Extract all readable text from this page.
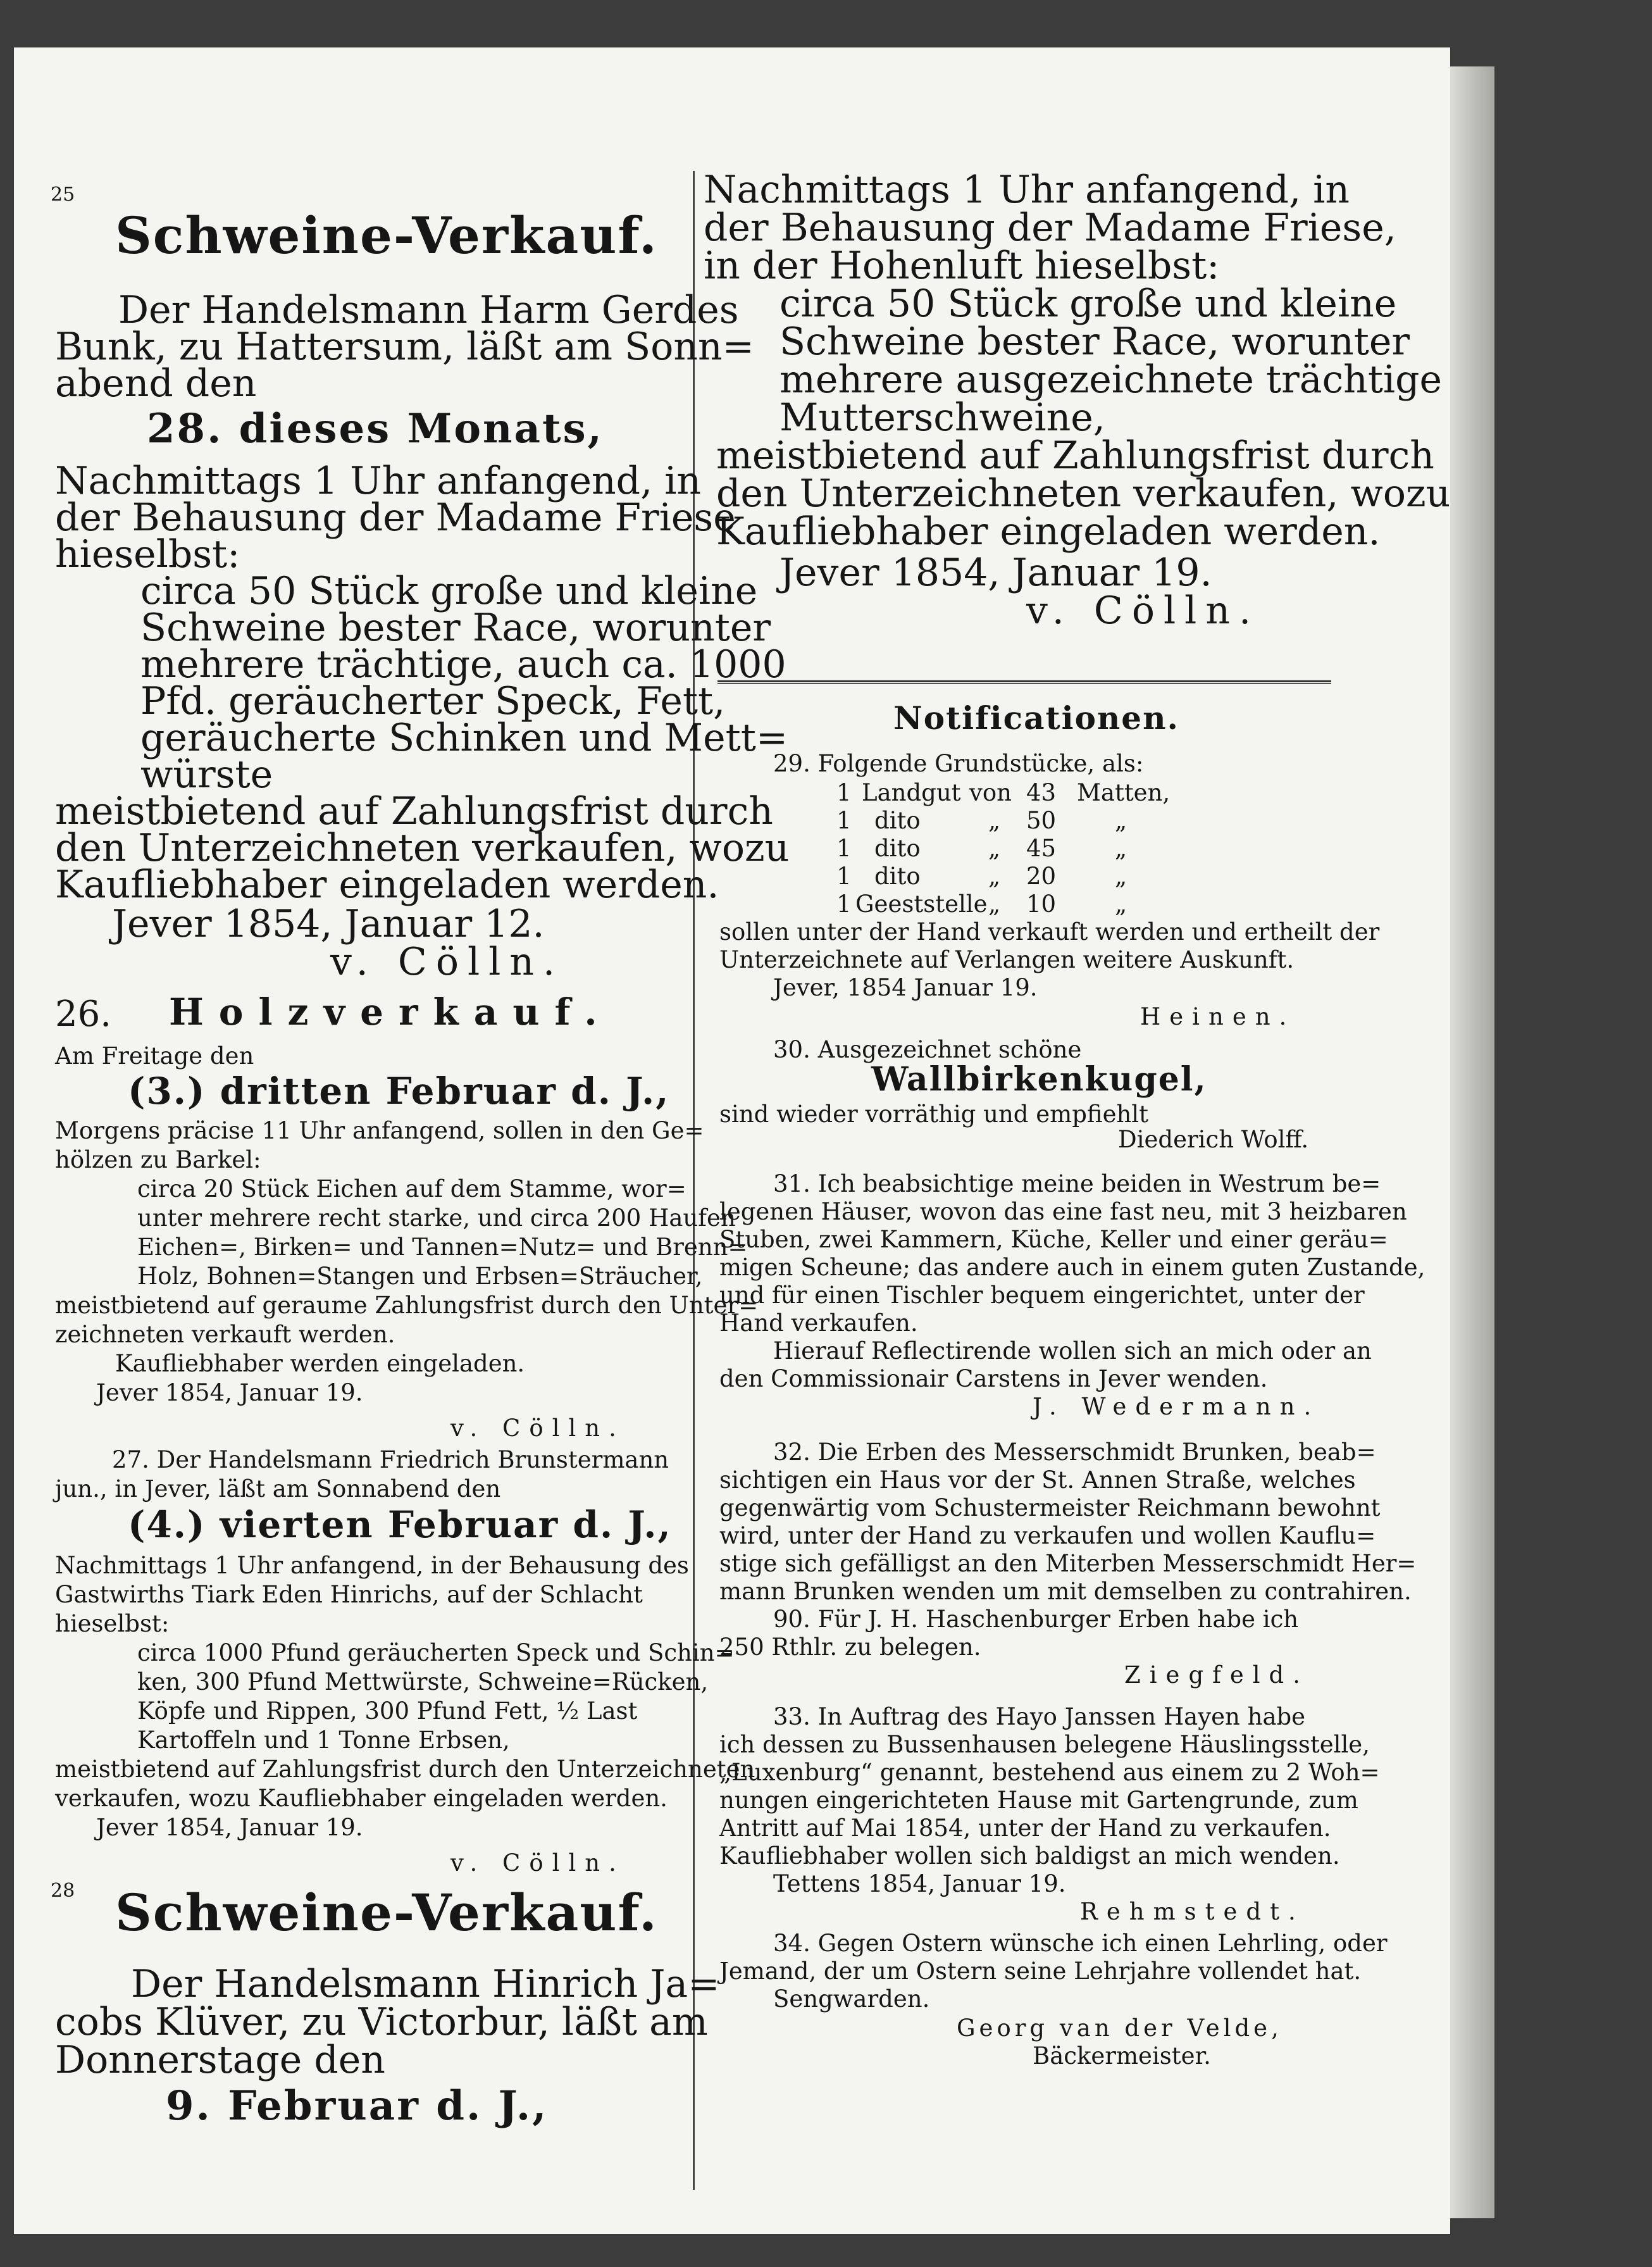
25
Schweine-Verkauf.
Der Handelsmann Harm Gerdes
Bunk, zu Hattersum, läßt am Sonn=
abend den
28. dieses Monats,
Nachmittags 1 Uhr anfangend, in
der Behausung der Madame Friese
hieselbst:
circa 50 Stück große und kleine
Schweine bester Race, worunter
mehrere trächtige, auch ca. 1000
Pfd. geräucherter Speck, Fett,
geräucherte Schinken und Mett=
würste
meistbietend auf Zahlungsfrist durch
den Unterzeichneten verkaufen, wozu
Kaufliebhaber eingeladen werden.
Jever 1854, Januar 12.
v. Cölln.
26. Holzverkauf.
Am Freitage den
(3.) dritten Februar d. J.,
Morgens präcise 11 Uhr anfangend, sollen in den Ge=
hölzen zu Barkel:
circa 20 Stück Eichen auf dem Stamme, wor=
unter mehrere recht starke, und circa 200 Haufen
Eichen=, Birken= und Tannen=Nutz= und Brenn=
Holz, Bohnen=Stangen und Erbsen=Sträucher,
meistbietend auf geraume Zahlungsfrist durch den Unter=
zeichneten verkauft werden.
Kaufliebhaber werden eingeladen.
Jever 1854, Januar 19.
v. Cölln.
27. Der Handelsmann Friedrich Brunstermann
jun., in Jever, läßt am Sonnabend den
(4.) vierten Februar d. J.,
Nachmittags 1 Uhr anfangend, in der Behausung des
Gastwirths Tiark Eden Hinrichs, auf der Schlacht
hieselbst:
circa 1000 Pfund geräucherten Speck und Schin=
ken, 300 Pfund Mettwürste, Schweine=Rücken,
Köpfe und Rippen, 300 Pfund Fett, ½ Last
Kartoffeln und 1 Tonne Erbsen,
meistbietend auf Zahlungsfrist durch den Unterzeichneten
verkaufen, wozu Kaufliebhaber eingeladen werden.
Jever 1854, Januar 19.
v. Cölln.
28 Schweine-Verkauf.
Der Handelsmann Hinrich Ja=
cobs Klüver, zu Victorbur, läßt am
Donnerstage den
9. Februar d. J.,
Nachmittags 1 Uhr anfangend, in
der Behausung der Madame Friese,
in der Hohenluft hieselbst:
circa 50 Stück große und kleine
Schweine bester Race, worunter
mehrere ausgezeichnete trächtige
Mutterschweine,
meistbietend auf Zahlungsfrist durch
den Unterzeichneten verkaufen, wozu
Kaufliebhaber eingeladen werden.
Jever 1854, Januar 19.
v. Cölln.
Notificationen.
29. Folgende Grundstücke, als:
1 Landgut von 43 Matten,
1 dito	„ 50	„
1 dito	„ 45	„
1 dito	„ 20	„
1 Geeststelle „ 10	„
sollen unter der Hand verkauft werden und ertheilt der
Unterzeichnete auf Verlangen weitere Auskunft.
Jever, 1854 Januar 19.
Heinen.
30. Ausgezeichnet schöne
Wallbirkenkugel,
sind wieder vorräthig und empfiehlt
Diederich Wolff.
31. Ich beabsichtige meine beiden in Westrum be=
legenen Häuser, wovon das eine fast neu, mit 3 heizbaren
Stuben, zwei Kammern, Küche, Keller und einer geräu=
migen Scheune; das andere auch in einem guten Zustande,
und für einen Tischler bequem eingerichtet, unter der
Hand verkaufen.
Hierauf Reflectirende wollen sich an mich oder an
den Commissionair Carstens in Jever wenden.
J. Wedermann.
32. Die Erben des Messerschmidt Brunken, beab=
sichtigen ein Haus vor der St. Annen Straße, welches
gegenwärtig vom Schustermeister Reichmann bewohnt
wird, unter der Hand zu verkaufen und wollen Kauflu=
stige sich gefälligst an den Miterben Messerschmidt Her=
mann Brunken wenden um mit demselben zu contrahiren.
90. Für J. H. Haschenburger Erben habe ich
250 Rthlr. zu belegen.
Ziegfeld.
33. In Auftrag des Hayo Janssen Hayen habe
ich dessen zu Bussenhausen belegene Häuslingsstelle,
„Luxenburg“ genannt, bestehend aus einem zu 2 Woh=
nungen eingerichteten Hause mit Gartengrunde, zum
Antritt auf Mai 1854, unter der Hand zu verkaufen.
Kaufliebhaber wollen sich baldigst an mich wenden.
Tettens 1854, Januar 19.
Rehmstedt.
34. Gegen Ostern wünsche ich einen Lehrling, oder
Jemand, der um Ostern seine Lehrjahre vollendet hat.
Sengwarden.
Georg van der Velde,
Bäckermeister.
